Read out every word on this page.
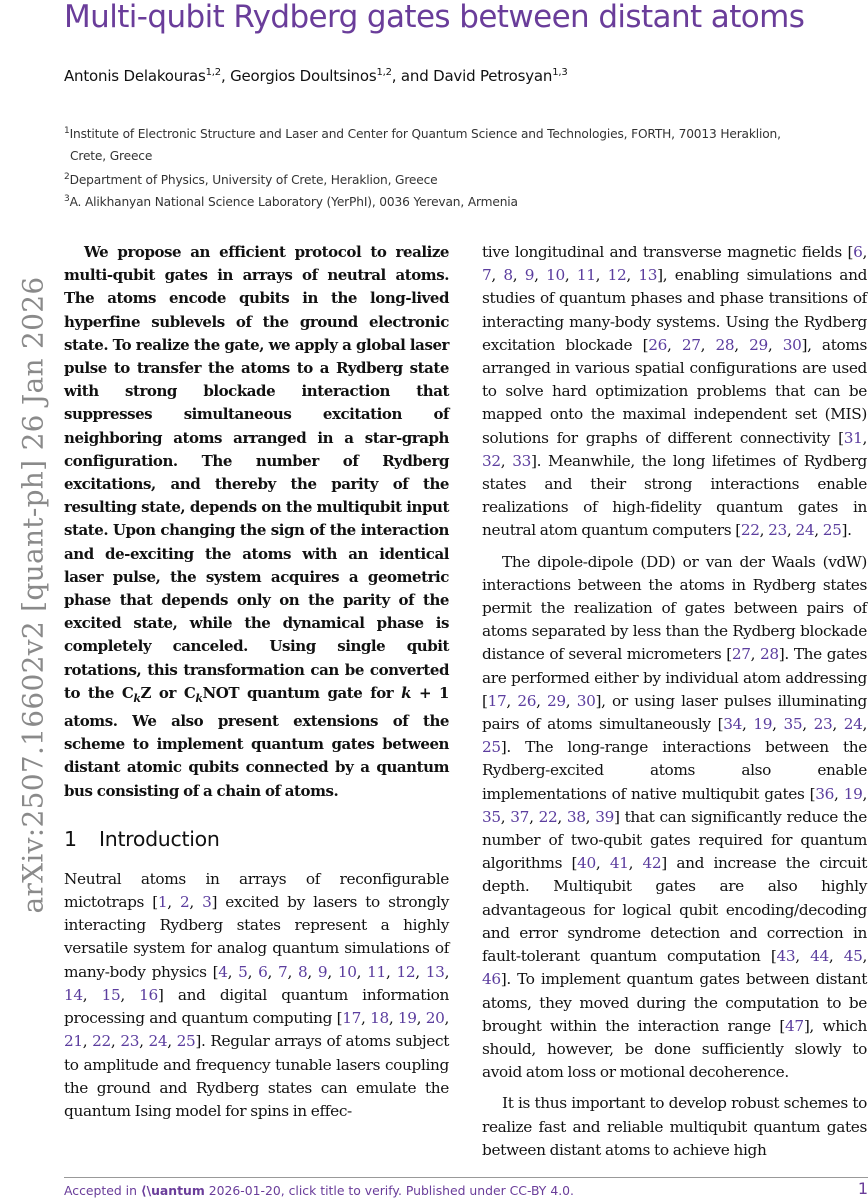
Multi-qubit Rydberg gates between distant atoms
Antonis Delakouras$^{1,2}$, Georgios Doultsinos$^{1,2}$, and David Petrosyan$^{1,3}$
$^1$Institute of Electronic Structure and Laser and Center for Quantum Science and Technologies, FORTH, 70013 Heraklion,
Crete, Greece
$^2$Department of Physics, University of Crete, Heraklion, Greece
$^3$A. Alikhanyan National Science Laboratory (YerPhI), 0036 Yerevan, Armenia
arXiv:2507.16602v2 [quant-ph] 26 Jan 2026

We propose an efficient protocol to realize multi-qubit gates in arrays of neutral atoms. The atoms encode qubits in the long-lived hyperfine sublevels of the ground electronic state. To realize the gate, we apply a global laser pulse to transfer the atoms to a Rydberg state with strong blockade interaction that suppresses simultaneous excitation of neighboring atoms arranged in a star-graph configuration. The number of Rydberg excitations, and thereby the parity of the resulting state, depends on the multiqubit input state. Upon changing the sign of the interaction and de-exciting the atoms with an identical laser pulse, the system acquires a geometric phase that depends only on the parity of the excited state, while the dynamical phase is completely canceled. Using single qubit rotations, this transformation can be converted to the $C_kZ$ or $C_kNOT$ quantum gate for k + 1 atoms. We also present extensions of the scheme to implement quantum gates between distant atomic qubits connected by a quantum bus consisting of a chain of atoms.

1 Introduction

Neutral atoms in arrays of reconfigurable mictotraps [1, 2, 3] excited by lasers to strongly interacting Rydberg states represent a highly versatile system for analog quantum simulations of many-body physics [4, 5, 6, 7, 8, 9, 10, 11, 12, 13, 14, 15, 16] and digital quantum information processing and quantum computing [17, 18, 19, 20, 21, 22, 23, 24, 25]. Regular arrays of atoms subject to amplitude and frequency tunable lasers coupling the ground and Rydberg states can emulate the quantum Ising model for spins in effec-

tive longitudinal and transverse magnetic fields [6, 7, 8, 9, 10, 11, 12, 13], enabling simulations and studies of quantum phases and phase transitions of interacting many-body systems. Using the Rydberg excitation blockade [26, 27, 28, 29, 30], atoms arranged in various spatial configurations are used to solve hard optimization problems that can be mapped onto the maximal independent set (MIS) solutions for graphs of different connectivity [31, 32, 33]. Meanwhile, the long lifetimes of Rydberg states and their strong interactions enable realizations of high-fidelity quantum gates in neutral atom quantum computers [22, 23, 24, 25].

The dipole-dipole (DD) or van der Waals (vdW) interactions between the atoms in Rydberg states permit the realization of gates between pairs of atoms separated by less than the Rydberg blockade distance of several micrometers [27, 28]. The gates are performed either by individual atom addressing [17, 26, 29, 30], or using laser pulses illuminating pairs of atoms simultaneously [34, 19, 35, 23, 24, 25]. The long-range interactions between the Rydberg-excited atoms also enable implementations of native multiqubit gates [36, 19, 35, 37, 22, 38, 39] that can significantly reduce the number of two-qubit gates required for quantum algorithms [40, 41, 42] and increase the circuit depth. Multiqubit gates are also highly advantageous for logical qubit encoding/decoding and error syndrome detection and correction in fault-tolerant quantum computation [43, 44, 45, 46]. To implement quantum gates between distant atoms, they moved during the computation to be brought within the interaction range [47], which should, however, be done sufficiently slowly to avoid atom loss or motional decoherence.

It is thus important to develop robust schemes to realize fast and reliable multiqubit quantum gates between distant atoms to achieve high

Accepted in ⟨\uantum 2026-01-20, click title to verify. Published under CC-BY 4.0.	1
